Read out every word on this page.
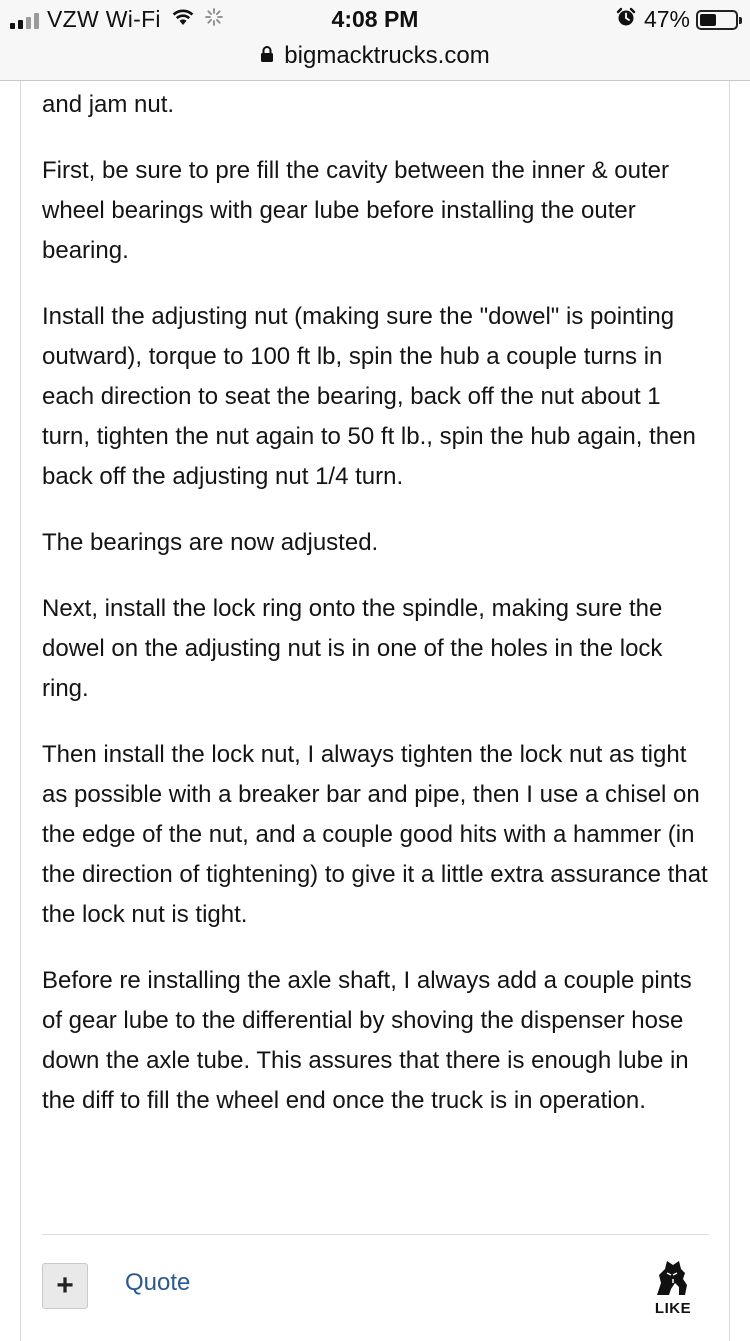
VZW Wi-Fi	4:08 PM	47%
bigmacktrucks.com

and jam nut.

First, be sure to pre fill the cavity between the inner & outer wheel bearings with gear lube before installing the outer bearing.

Install the adjusting nut (making sure the "dowel" is pointing outward), torque to 100 ft lb, spin the hub a couple turns in each direction to seat the bearing, back off the nut about 1 turn, tighten the nut again to 50 ft lb., spin the hub again, then back off the adjusting nut 1/4 turn.

The bearings are now adjusted.

Next, install the lock ring onto the spindle, making sure the dowel on the adjusting nut is in one of the holes in the lock ring.

Then install the lock nut, I always tighten the lock nut as tight as possible with a breaker bar and pipe, then I use a chisel on the edge of the nut, and a couple good hits with a hammer (in the direction of tightening) to give it a little extra assurance that the lock nut is tight.

Before re installing the axle shaft, I always add a couple pints of gear lube to the differential by shoving the dispenser hose down the axle tube. This assures that there is enough lube in the diff to fill the wheel end once the truck is in operation.

+ Quote
LIKE
